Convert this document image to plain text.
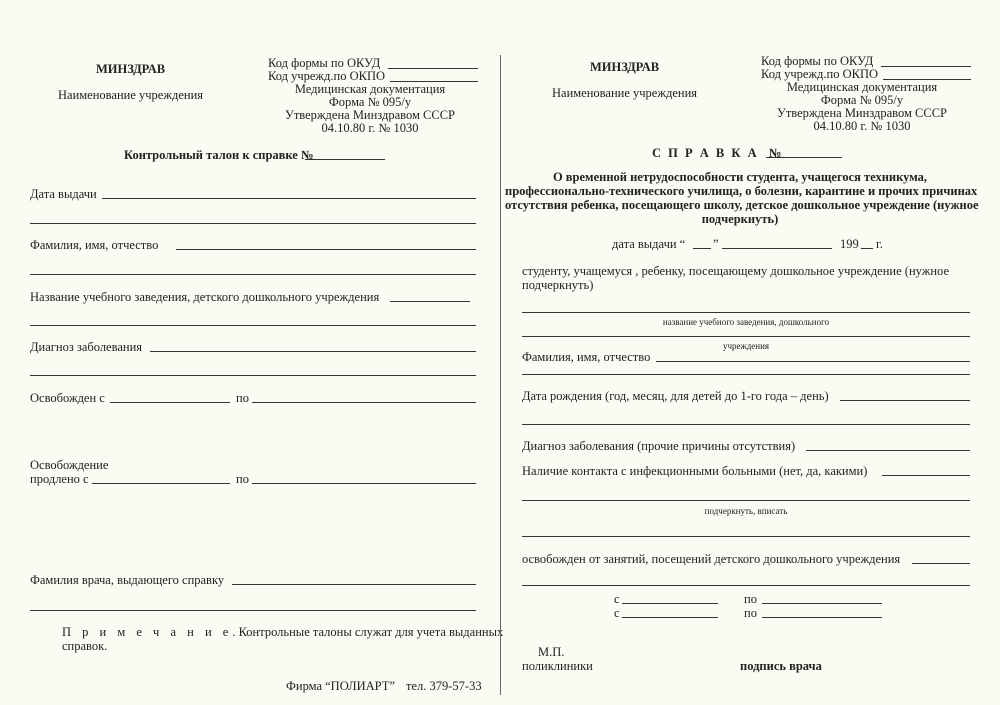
МИНЗДРАВ
Наименование учреждения
Код формы по ОКУД
Код учрежд.по ОКПО
Медицинская документация
Форма № 095/у
Утверждена Минздравом СССР
04.10.80 г. № 1030
Контрольный талон к справке №
Дата выдачи
Фамилия, имя, отчество
Название учебного заведения, детского дошкольного учреждения
Диагноз заболевания
Освобожден с	по
Освобождение
продлено с	по
Фамилия врача, выдающего справку
П р и м е ч а н и е. Контрольные талоны служат для учета выданных
справок.
Фирма “ПОЛИАРТ” тел. 379-57-33
МИНЗДРАВ
Наименование учреждения
Код формы по ОКУД
Код учрежд.по ОКПО
Медицинская документация
Форма № 095/у
Утверждена Минздравом СССР
04.10.80 г. № 1030
С П Р А В К А  №
О временной нетрудоспособности студента, учащегося техникума,
профессионально-технического училища, о болезни, карантине и прочих причинах
отсутствия ребенка, посещающего школу, детское дошкольное учреждение (нужное
подчеркнуть)
дата выдачи “ ”	199 г.
студенту, учащемуся , ребенку, посещающему дошкольное учреждение (нужное
подчеркнуть)
название учебного заведения, дошкольного
учреждения
Фамилия, имя, отчество
Дата рождения (год, месяц, для детей до 1-го года – день)
Диагноз заболевания (прочие причины отсутствия)
Наличие контакта с инфекционными больными (нет, да, какими)
подчеркнуть, вписать
освобожден от занятий, посещений детского дошкольного учреждения
с	по
с	по
М.П.
поликлиники	подпись врача
